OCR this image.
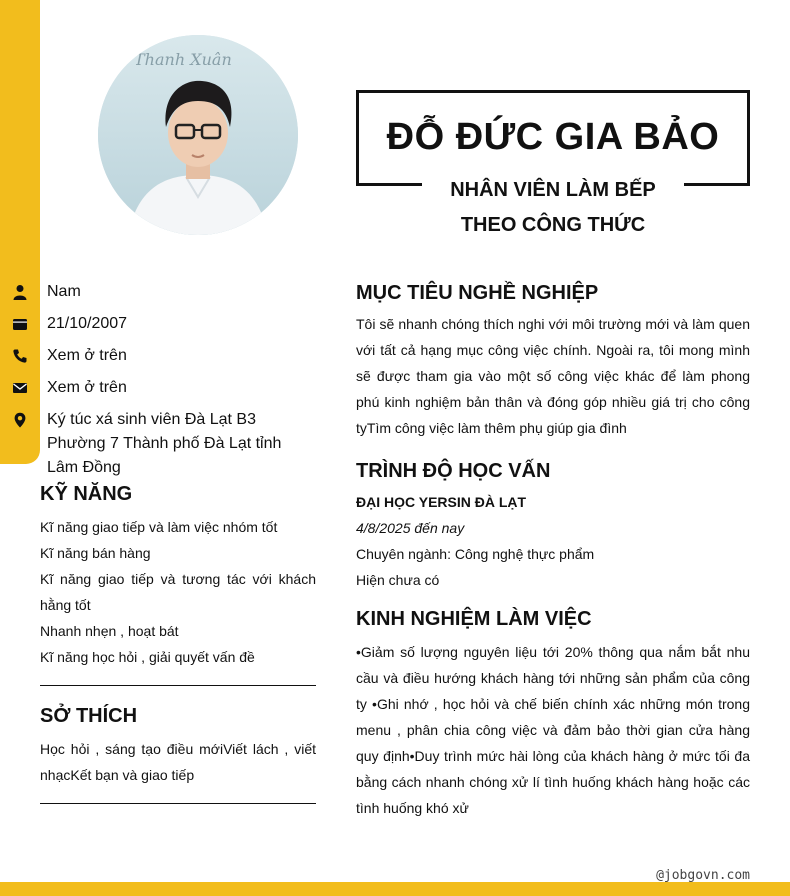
Thanh Xuân
ĐỖ ĐỨC GIA BẢO
NHÂN VIÊN LÀM BẾP
THEO CÔNG THỨC
Nam
21/10/2007
Xem ở trên
Xem ở trên
Ký túc xá sinh viên Đà Lạt B3 Phường 7 Thành phố Đà Lạt tỉnh Lâm Đồng
KỸ NĂNG
Kĩ năng giao tiếp và làm việc nhóm tốt
Kĩ năng bán hàng
Kĩ năng giao tiếp và tương tác với khách hằng tốt
Nhanh nhẹn , hoạt bát
Kĩ năng học hỏi , giải quyết vấn đề
SỞ THÍCH
Học hỏi , sáng tạo điều mớiViết lách , viết nhạcKết bạn và giao tiếp
MỤC TIÊU NGHỀ NGHIỆP
Tôi sẽ nhanh chóng thích nghi với môi trường mới và làm quen với tất cả hạng mục công việc chính. Ngoài ra, tôi mong mình sẽ được tham gia vào một số công việc khác để làm phong phú kinh nghiệm bản thân và đóng góp nhiều giá trị cho công tyTìm công việc làm thêm phụ giúp gia đình
TRÌNH ĐỘ HỌC VẤN
ĐẠI HỌC YERSIN ĐÀ LẠT
4/8/2025 đến nay
Chuyên ngành: Công nghệ thực phẩm
Hiện chưa có
KINH NGHIỆM LÀM VIỆC
•Giảm số lượng nguyên liệu tới 20% thông qua nắm bắt nhu cầu và điều hướng khách hàng tới những sản phẩm của công ty •Ghi nhớ , học hỏi và chế biến chính xác những món trong menu , phân chia công việc và đảm bảo thời gian cửa hàng quy định•Duy trình mức hài lòng của khách hàng ở mức tối đa bằng cách nhanh chóng xử lí tình huống khách hàng hoặc các tình huống khó xử
@jobgovn.com
